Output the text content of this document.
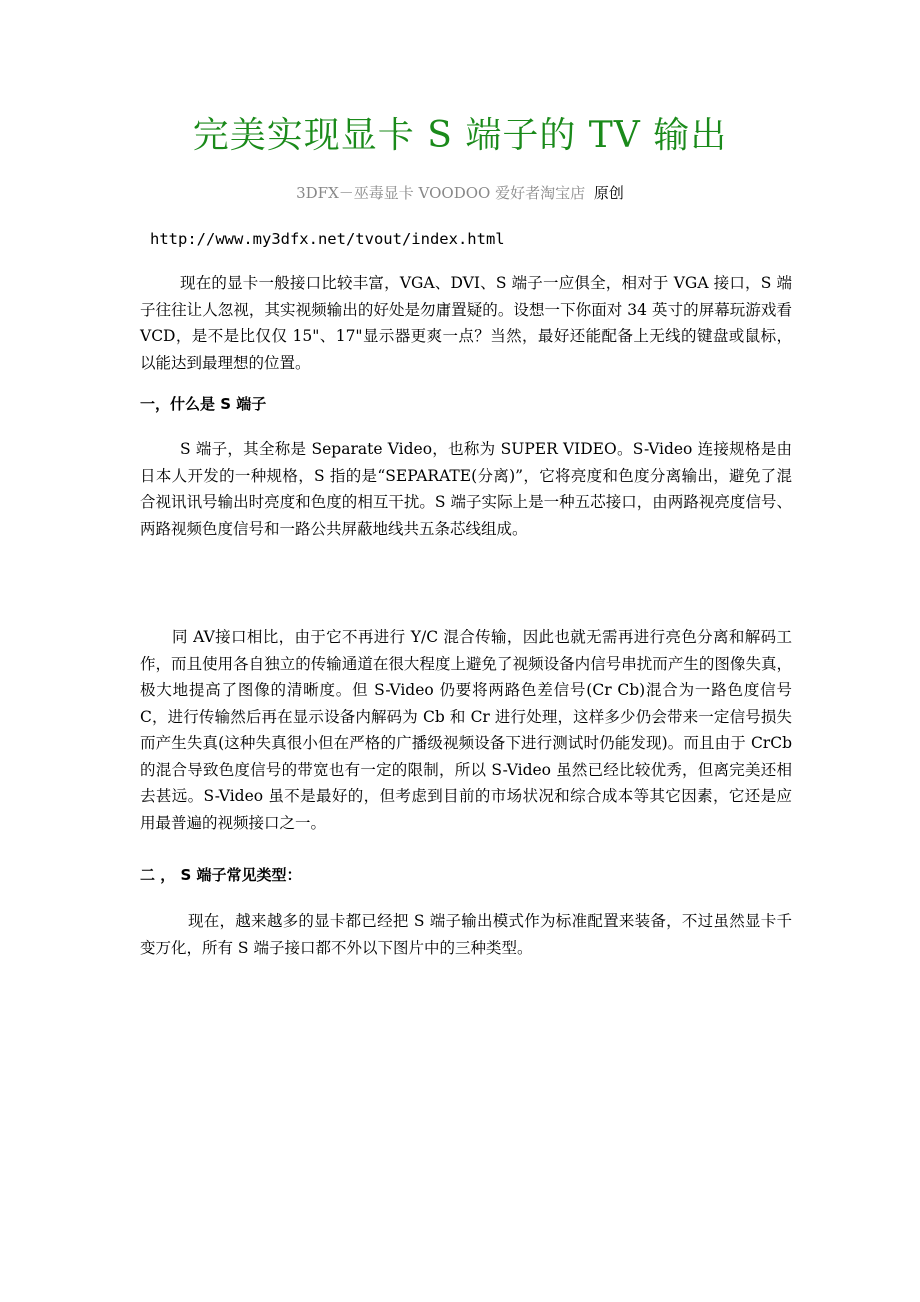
完美实现显卡 S 端子的 TV 输出
3DFX－巫毒显卡 VOODOO 爱好者淘宝店 原创
http://www.my3dfx.net/tvout/index.html

现在的显卡一般接口比较丰富，VGA、DVI、S 端子一应俱全，相对于 VGA 接口，S 端子往往让人忽视，其实视频输出的好处是勿庸置疑的。设想一下你面对 34 英寸的屏幕玩游戏看 VCD，是不是比仅仅 15"、17"显示器更爽一点？当然，最好还能配备上无线的键盘或鼠标，以能达到最理想的位置。

一，什么是 S 端子

S 端子，其全称是 Separate Video，也称为 SUPER VIDEO。S-Video 连接规格是由日本人开发的一种规格，S 指的是“SEPARATE(分离)”，它将亮度和色度分离输出，避免了混合视讯讯号输出时亮度和色度的相互干扰。S 端子实际上是一种五芯接口，由两路视亮度信号、两路视频色度信号和一路公共屏蔽地线共五条芯线组成。

同 AV接口相比，由于它不再进行 Y/C 混合传输，因此也就无需再进行亮色分离和解码工作，而且使用各自独立的传输通道在很大程度上避免了视频设备内信号串扰而产生的图像失真，极大地提高了图像的清晰度。但 S-Video 仍要将两路色差信号(Cr Cb)混合为一路色度信号 C，进行传输然后再在显示设备内解码为 Cb 和 Cr 进行处理，这样多少仍会带来一定信号损失而产生失真(这种失真很小但在严格的广播级视频设备下进行测试时仍能发现)。而且由于 CrCb 的混合导致色度信号的带宽也有一定的限制，所以 S-Video 虽然已经比较优秀，但离完美还相去甚远。S-Video 虽不是最好的，但考虑到目前的市场状况和综合成本等其它因素，它还是应用最普遍的视频接口之一。

二 ， S 端子常见类型：

现在，越来越多的显卡都已经把 S 端子输出模式作为标准配置来装备，不过虽然显卡千变万化，所有 S 端子接口都不外以下图片中的三种类型。
